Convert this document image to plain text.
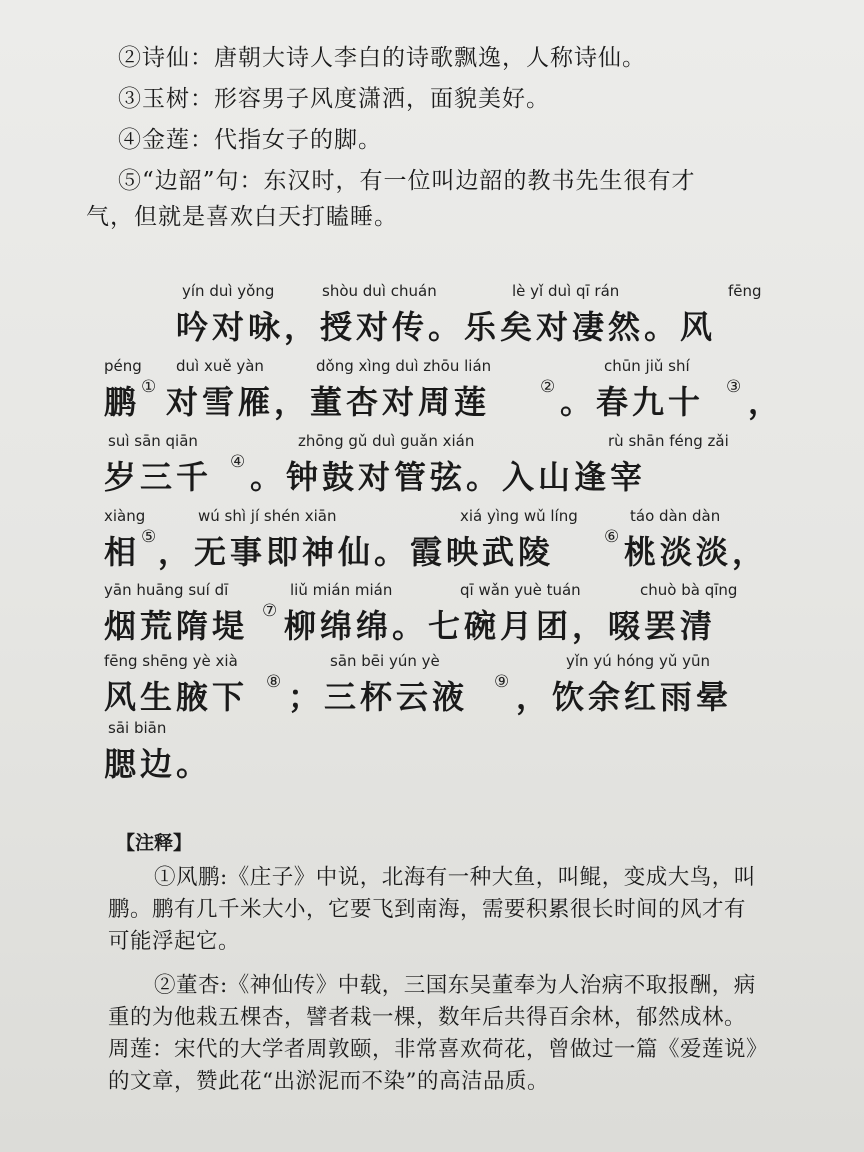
②诗仙：唐朝大诗人李白的诗歌飘逸，人称诗仙。
③玉树：形容男子风度潇洒，面貌美好。
④金莲：代指女子的脚。
⑤“边韶”句：东汉时，有一位叫边韶的教书先生很有才
气，但就是喜欢白天打瞌睡。
yín duì yǒng	shòu duì chuán	lè yǐ duì qī rán	fēng
吟对咏，授对传。乐矣对凄然。风
péng duì xuě yàn	dǒng xìng duì zhōu lián	chūn jiǔ shí
鹏 ① 对雪雁，董杏对周莲	② 。春九十 ③ ，
suì sān qiān	zhōng gǔ duì guǎn xián	rù shān féng zǎi
岁三千 ④ 。钟鼓对管弦。入山逢宰
xiàng	wú shì jí shén xiān	xiá yìng wǔ líng	táo dàn dàn
相 ⑤ ，无事即神仙。霞映武陵	⑥ 桃淡淡，
yān huāng suí dī	liǔ mián mián	qī wǎn yuè tuán	chuò bà qīng
烟荒隋堤 ⑦ 柳绵绵。七碗月团，啜罢清
fēng shēng yè xià	sān bēi yún yè	yǐn yú hóng yǔ yūn
风生腋下 ⑧ ；三杯云液 ⑨ ，饮余红雨晕
sāi biān
腮边。
【注释】
①风鹏:《庄子》中说，北海有一种大鱼，叫鲲，变成大鸟，叫鹏。鹏有几千米大小，它要飞到南海，需要积累很长时间的风才有可能浮起它。
②董杏:《神仙传》中载，三国东吴董奉为人治病不取报酬，病重的为他栽五棵杏，譬者栽一棵，数年后共得百余林，郁然成林。周莲：宋代的大学者周敦颐，非常喜欢荷花，曾做过一篇《爱莲说》的文章，赞此花“出淤泥而不染”的高洁品质。
